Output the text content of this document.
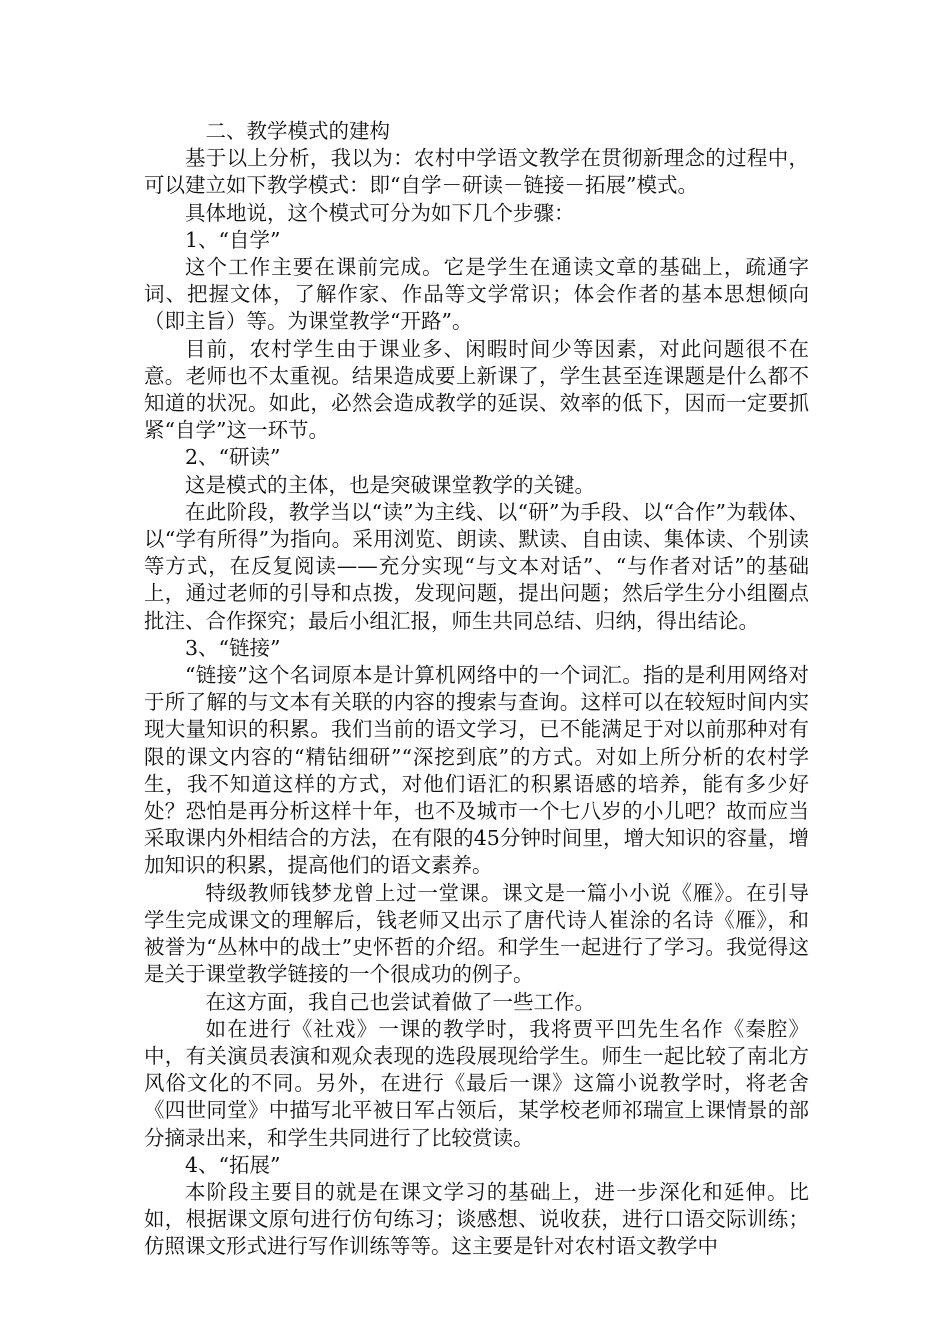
二、教学模式的建构

基于以上分析，我以为：农村中学语文教学在贯彻新理念的过程中，可以建立如下教学模式：即“自学－研读－链接－拓展”模式。

具体地说，这个模式可分为如下几个步骤：

1、“自学”

这个工作主要在课前完成。它是学生在通读文章的基础上，疏通字词、把握文体，了解作家、作品等文学常识；体会作者的基本思想倾向（即主旨）等。为课堂教学“开路”。

目前，农村学生由于课业多、闲暇时间少等因素，对此问题很不在意。老师也不太重视。结果造成要上新课了，学生甚至连课题是什么都不知道的状况。如此，必然会造成教学的延误、效率的低下，因而一定要抓紧“自学”这一环节。

2、“研读”

这是模式的主体，也是突破课堂教学的关键。

在此阶段，教学当以“读”为主线、以“研”为手段、以“合作”为载体、以“学有所得”为指向。采用浏览、朗读、默读、自由读、集体读、个别读等方式，在反复阅读——充分实现“与文本对话”、“与作者对话”的基础上，通过老师的引导和点拨，发现问题，提出问题；然后学生分小组圈点批注、合作探究；最后小组汇报，师生共同总结、归纳，得出结论。

3、“链接”

“链接”这个名词原本是计算机网络中的一个词汇。指的是利用网络对于所了解的与文本有关联的内容的搜索与查询。这样可以在较短时间内实现大量知识的积累。我们当前的语文学习，已不能满足于对以前那种对有限的课文内容的“精钻细研”“深挖到底”的方式。对如上所分析的农村学生，我不知道这样的方式，对他们语汇的积累语感的培养，能有多少好处？恐怕是再分析这样十年，也不及城市一个七八岁的小儿吧？故而应当采取课内外相结合的方法，在有限的45分钟时间里，增大知识的容量，增加知识的积累，提高他们的语文素养。

特级教师钱梦龙曾上过一堂课。课文是一篇小小说《雁》。在引导学生完成课文的理解后，钱老师又出示了唐代诗人崔涂的名诗《雁》，和被誉为“丛林中的战士”史怀哲的介绍。和学生一起进行了学习。我觉得这是关于课堂教学链接的一个很成功的例子。

在这方面，我自己也尝试着做了一些工作。

如在进行《社戏》一课的教学时，我将贾平凹先生名作《秦腔》中，有关演员表演和观众表现的选段展现给学生。师生一起比较了南北方风俗文化的不同。另外，在进行《最后一课》这篇小说教学时，将老舍《四世同堂》中描写北平被日军占领后，某学校老师祁瑞宣上课情景的部分摘录出来，和学生共同进行了比较赏读。

4、“拓展”

本阶段主要目的就是在课文学习的基础上，进一步深化和延伸。比如，根据课文原句进行仿句练习；谈感想、说收获，进行口语交际训练；仿照课文形式进行写作训练等等。这主要是针对农村语文教学中
